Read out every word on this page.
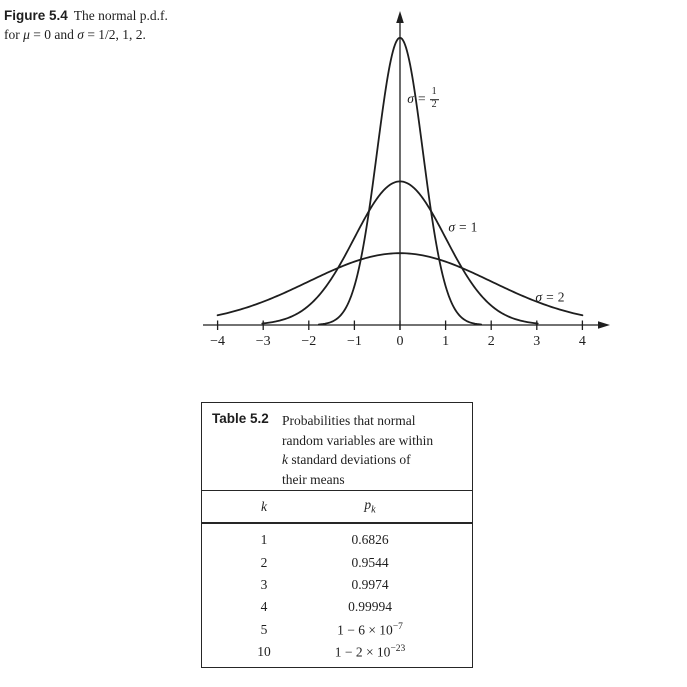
Figure 5.4 The normal p.d.f.
for μ = 0 and σ = 1/2, 1, 2.
−4 −3 −2 −1 0	1	2	3	4
$\sigma = \frac{1}{2}$
σ = 1
σ = 2
Table 5.2 Probabilities that normal
random variables are within
k standard deviations of
their means
k	$p_k$
1	0.6826
2	0.9544
3	0.9974
4	0.99994
5	$1 - 6 \times 10^{-7}$
10	$1 - 2 \times 10^{-23}$
